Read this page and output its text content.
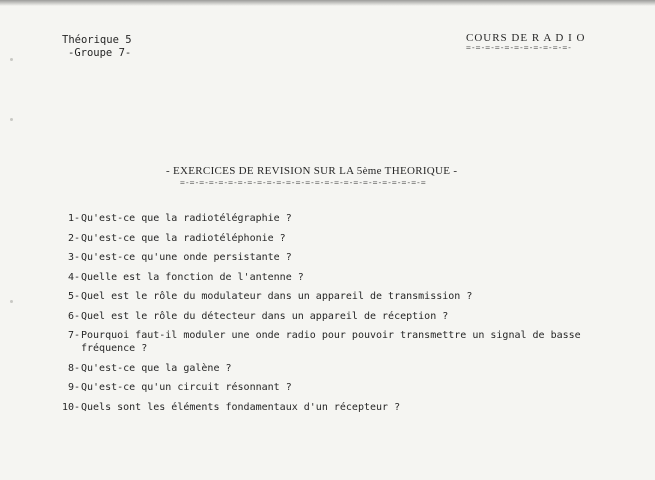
Théorique 5
-Groupe 7-
COURS DE R A D I O
=-=-=-=-=-=-=-=-=-=-=-
- EXERCICES DE REVISION SUR LA 5ème THEORIQUE -
=-=-=-=-=-=-=-=-=-=-=-=-=-=-=-=-=-=-=-=-=-=-=-=-=-=
1- Qu'est-ce que la radiotélégraphie ?
2- Qu'est-ce que la radiotéléphonie ?
3- Qu'est-ce qu'une onde persistante ?
4- Quelle est la fonction de l'antenne ?
5- Quel est le rôle du modulateur dans un appareil de transmission ?
6- Quel est le rôle du détecteur dans un appareil de réception ?
7- Pourquoi faut-il moduler une onde radio pour pouvoir transmettre un signal de basse fréquence ?
8- Qu'est-ce que la galène ?
9- Qu'est-ce qu'un circuit résonnant ?
10- Quels sont les éléments fondamentaux d'un récepteur ?
